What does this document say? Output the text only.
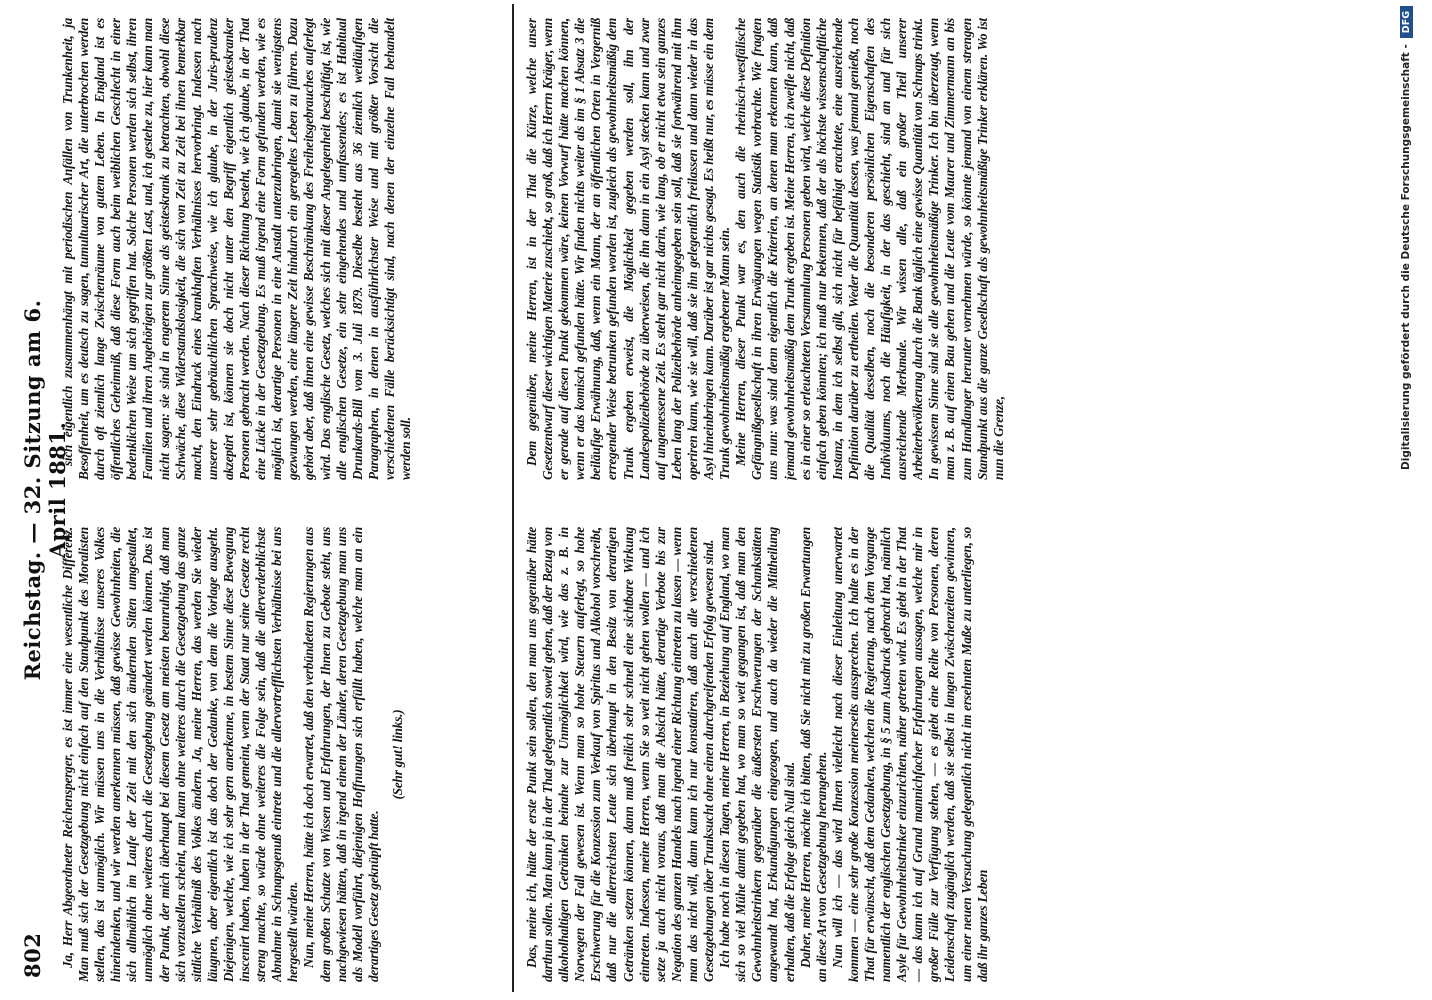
802
Reichstag. — 32. Sitzung am 6. April 1881.

Ja, Herr Abgeordneter Reichensperger, es ist immer eine wesentliche Differenz. Man muß sich der Gesetzgebung nicht einfach auf den Standpunkt des Moralisten stellen, das ist unmöglich. Wir müssen uns in die Verhältnisse unseres Volkes hineindenken, und wir werden anerkennen müssen, daß gewisse Gewohnheiten, die sich allmählich im Laufe der Zeit mit den sich ändernden Sitten umgestaltet, unmöglich ohne weiteres durch die Gesetzgebung geändert werden können. Das ist der Punkt, der mich überhaupt bei diesem Gesetz am meisten beunruhigt, daß man sich vorzustellen scheint, man kann ohne weiteres durch die Gesetzgebung das ganze sittliche Verhältniß des Volkes ändern. Ja, meine Herren, das werden Sie wieder läugnen, aber eigentlich ist das doch der Gedanke, von dem die Vorlage ausgeht. Diejenigen, welche, wie ich sehr gern anerkenne, in bestem Sinne diese Bewegung inscenirt haben, haben in der That gemeint, wenn der Staat nur seine Gesetze recht streng machte, so würde ohne weiteres die Folge sein, daß die allerverderblichste Abnahme in Schnapsgenuß eintrete und die allervortrefflichsten Verhältnisse bei uns hergestellt würden. Nun, meine Herren, hätte ich doch erwartet, daß den verbündeten Regierungen aus dem großen Schatze von Wissen und Erfahrungen, der Ihnen zu Gebote steht, uns nachgewiesen hätten, daß in irgend einem der Länder, deren Gesetzgebung man uns als Modell vorführt, diejenigen Hoffnungen sich erfüllt haben, welche man an ein derartiges Gesetz geknüpft hatte.

(Sehr gut! links.)

sich eigentlich zusammenhängt mit periodischen Anfällen von Trunkenheit, ja Besoffenheit, um es deutsch zu sagen, tumultuarischer Art, die unterbrochen werden durch oft ziemlich lange Zwischenräume von gutem Leben. In England ist es öffentliches Geheimniß, daß diese Form auch beim weiblichen Geschlecht in einer bedenklichen Weise um sich gegriffen hat. Solche Personen werden sich selbst, ihren Familien und ihren Angehörigen zur größten Last, und, ich gestehe zu, hier kann man nicht sagen: sie sind in engerem Sinne als geisteskrank zu betrachten, obwohl diese Schwäche, diese Widerstandslosigkeit, die sich von Zeit zu Zeit bei ihnen bemerkbar macht, den Eindruck eines krankhaften Verhältnisses hervorbringt. Indessen nach unserer sehr gebräuchlichen Sprachweise, wie ich glaube, in der Juris-prudenz akzeptirt ist, können sie doch nicht unter den Begriff eigentlich geisteskranker Personen gebracht werden. Nach dieser Richtung besteht, wie ich glaube, in der That eine Lücke in der Gesetzgebung. Es muß irgend eine Form gefunden werden, wie es möglich ist, derartige Personen in eine Anstalt unterzubringen, damit sie wenigstens gezwungen werden, eine längere Zeit hindurch ein geregeltes Leben zu führen. Dazu gehört aber, daß ihnen eine gewisse Beschränkung des Freiheitsgebrauches auferlegt wird. Das englische Gesetz, welches sich mit dieser Angelegenheit beschäftigt, ist, wie alle englischen Gesetze, ein sehr eingehendes und umfassendes; es ist Habitual Drunkards-Bill vom 3. Juli 1879. Dieselbe besteht aus 36 ziemlich weitläufigen Paragraphen, in denen in ausführlichster Weise und mit größter Vorsicht die verschiedenen Fälle berücksichtigt sind, nach denen der einzelne Fall behandelt werden soll.

Das, meine ich, hätte der erste Punkt sein sollen, den man uns gegenüber hätte darthun sollen. Man kann ja in der That gelegentlich soweit gehen, daß der Bezug von alkoholhaltigen Getränken beinahe zur Unmöglichkeit wird, wie das z. B. in Norwegen der Fall gewesen ist. Wenn man so hohe Steuern auferlegt, so hohe Erschwerung für die Konzession zum Verkauf von Spiritus und Alkohol vorschreibt, daß nur die allerreichsten Leute sich überhaupt in den Besitz von derartigen Getränken setzen können, dann muß freilich sehr schnell eine sichtbare Wirkung eintreten. Indessen, meine Herren, wenn Sie so weit nicht gehen wollen — und ich setze ja auch nicht voraus, daß man die Absicht hätte, derartige Verbote bis zur Negation des ganzen Handels nach irgend einer Richtung eintreten zu lassen — wenn man das nicht will, dann kann ich nur konstatiren, daß auch alle verschiedenen Gesetzgebungen über Trunksucht ohne einen durchgreifenden Erfolg gewesen sind. Ich habe noch in diesen Tagen, meine Herren, in Beziehung auf England, wo man sich so viel Mühe damit gegeben hat, wo man so weit gegangen ist, daß man den Gewohnheitstrinkern gegenüber die äußersten Erschwerungen der Schankstätten angewandt hat, Erkundigungen eingezogen, und auch da wieder die Mittheilung erhalten, daß die Erfolge gleich Null sind. Daher, meine Herren, möchte ich bitten, daß Sie nicht mit zu großen Erwartungen an diese Art von Gesetzgebung herangehen. Nun will ich — das wird Ihnen vielleicht nach dieser Einleitung unerwartet kommen — eine sehr große Konzession meinerseits aussprechen. Ich halte es in der That für erwünscht, daß dem Gedanken, welchen die Regierung, nach dem Vorgange namentlich der englischen Gesetzgebung, in § 5 zum Ausdruck gebracht hat, nämlich Asyle für Gewohnheitstrinker einzurichten, näher getreten wird. Es giebt in der That — das kann ich auf Grund mannichfacher Erfahrungen aussagen, welche mir in großer Fülle zur Verfügung stehen, — es giebt eine Reihe von Personen, deren Leidenschaft zugänglich werden, daß sie selbst in langen Zwischenzeiten gewinnen, um einer neuen Versuchung gelegentlich nicht im ersehnten Maße zu unterliegen, so daß ihr ganzes Leben

Dem gegenüber, meine Herren, ist in der That die Kürze, welche unser Gesetzentwurf dieser wichtigen Materie zuschiebt, so groß, daß ich Herrn Kräger, wenn er gerade auf diesen Punkt gekommen wäre, keinen Vorwurf hätte machen können, wenn er das komisch gefunden hätte. Wir finden nichts weiter als im § 1 Absatz 3 die beiläufige Erwähnung, daß, wenn ein Mann, der an öffentlichen Orten in Vergerniß erregender Weise betrunken gefunden worden ist, zugleich als gewohnheitsmäßig dem Trunk ergeben erweist, die Möglichkeit gegeben werden soll, ihn der Landespolizeibehörde zu überweisen, die ihn dann in ein Asyl stecken kann und zwar auf ungemessene Zeit. Es steht gar nicht darin, wie lang, ob er nicht etwa sein ganzes Leben lang der Polizeibehörde anheimgegeben sein soll, daß sie fortwährend mit ihm operiren kann, wie sie will, daß sie ihn gelegentlich freilassen und dann wieder in das Asyl hineinbringen kann. Darüber ist gar nichts gesagt. Es heißt nur, es müsse ein dem Trunk gewohnheitsmäßig ergebener Mann sein. Meine Herren, dieser Punkt war es, den auch die rheinisch-westfälische Gefängnißgesellschaft in ihren Erwägungen wegen Statistik vorbrachte. Wie fragten uns nun: was sind denn eigentlich die Kriterien, an denen man erkennen kann, daß jemand gewohnheitsmäßig dem Trunk ergeben ist. Meine Herren, ich zweifle nicht, daß es in einer so erleuchteten Versammlung Personen geben wird, welche diese Definition einfach geben könnten; ich muß nur bekennen, daß der als höchste wissenschaftliche Instanz, in dem ich selbst gilt, sich nicht für befähigt erachtete, eine ausreichende Definition darüber zu ertheilen. Weder die Quantität dessen, was jemand genießt, noch die Qualität desselben, noch die besonderen persönlichen Eigenschaften des Individuums, noch die Häufigkeit, in der das geschieht, sind an und für sich ausreichende Merkmale. Wir wissen alle, daß ein großer Theil unserer Arbeiterbevölkerung durch die Bank täglich eine gewisse Quantität von Schnaps trinkt. In gewissem Sinne sind sie alle gewohnheitsmäßige Trinker. Ich bin überzeugt, wenn man z. B. auf einen Bau gehen und die Leute vom Maurer und Zimmermann an bis zum Handlanger herunter vornehmen würde, so könnte jemand von einem strengen Standpunkt aus die ganze Gesellschaft als gewohnheitsmäßige Trinker erklären. Wo ist nun die Grenze,	Digitalisierung gefördert durch die Deutsche Forschungsgemeinschaft -DFG
